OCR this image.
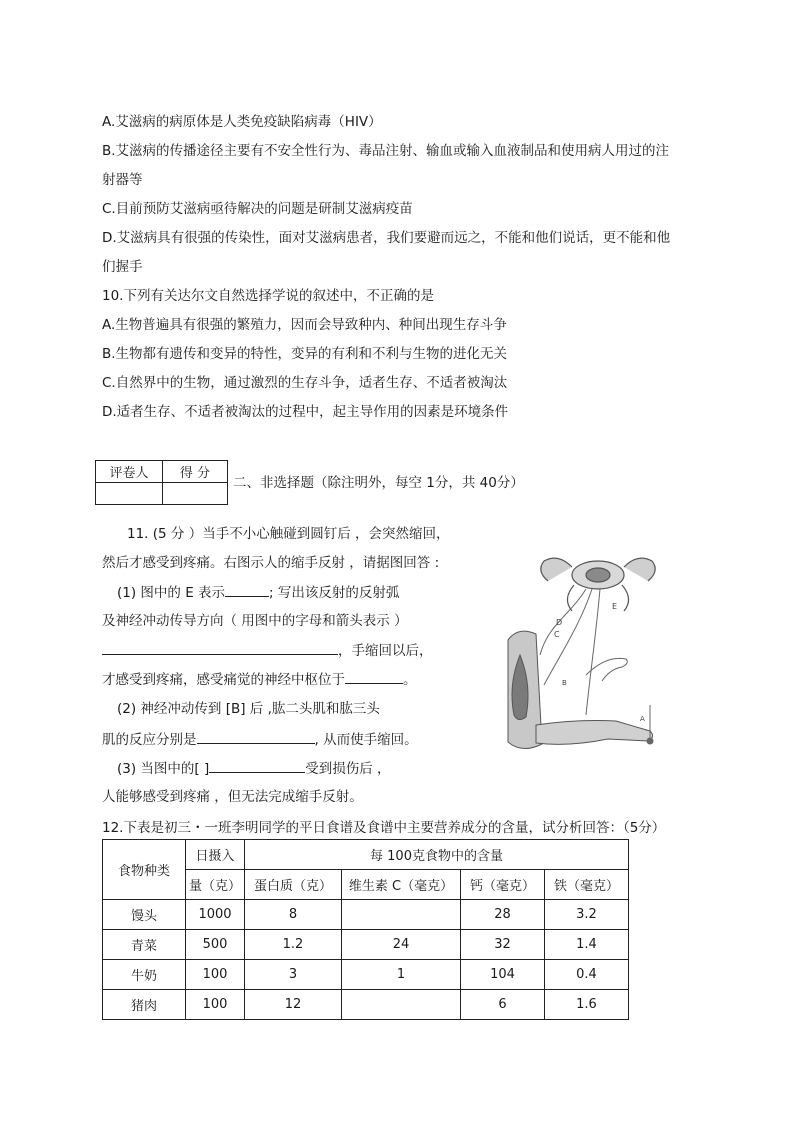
A.艾滋病的病原体是人类免疫缺陷病毒（HIV）
B.艾滋病的传播途径主要有不安全性行为、毒品注射、输血或输入血液制品和使用病人用过的注
射器等
C.目前预防艾滋病亟待解决的问题是研制艾滋病疫苗
D.艾滋病具有很强的传染性，面对艾滋病患者，我们要避而远之，不能和他们说话，更不能和他
们握手
10.下列有关达尔文自然选择学说的叙述中，不正确的是
A.生物普遍具有很强的繁殖力，因而会导致种内、种间出现生存斗争
B.生物都有遗传和变异的特性，变异的有利和不利与生物的进化无关
C.自然界中的生物，通过激烈的生存斗争，适者生存、不适者被淘汰
D.适者生存、不适者被淘汰的过程中，起主导作用的因素是环境条件
评卷人	得 分

二、非选择题（除注明外，每空 1分，共 40分）
11. (5 分 ）当手不小心触碰到圆钉后 ，会突然缩回，
然后才感受到疼痛。右图示人的缩手反射 ，请据图回答 :
(1) 图中的 E 表示	; 写出该反射的反射弧
及神经冲动传导方向（ 用图中的字母和箭头表示 ）
，手缩回以后，
才感受到疼痛，感受痛觉的神经中枢位于	。
(2) 神经冲动传到 [B] 后 ,肱二头肌和肱三头
肌的反应分别是	, 从而使手缩回。
(3) 当图中的[ ]	受到损伤后 ，
人能够感受到疼痛 ，但无法完成缩手反射。
E
D
C
B
A
12.下表是初三・一班李明同学的平日食谱及食谱中主要营养成分的含量，试分析回答：（5分）
食物种类	日摄入	每 100克食物中的含量			
	量（克）	蛋白质（克）	维生素 C（毫克）	钙（毫克）	铁（毫克）
馒头	1000	8		28	3.2
青菜	500	1.2	24	32	1.4
牛奶	100	3	1	104	0.4
猪肉	100	12		6	1.6
